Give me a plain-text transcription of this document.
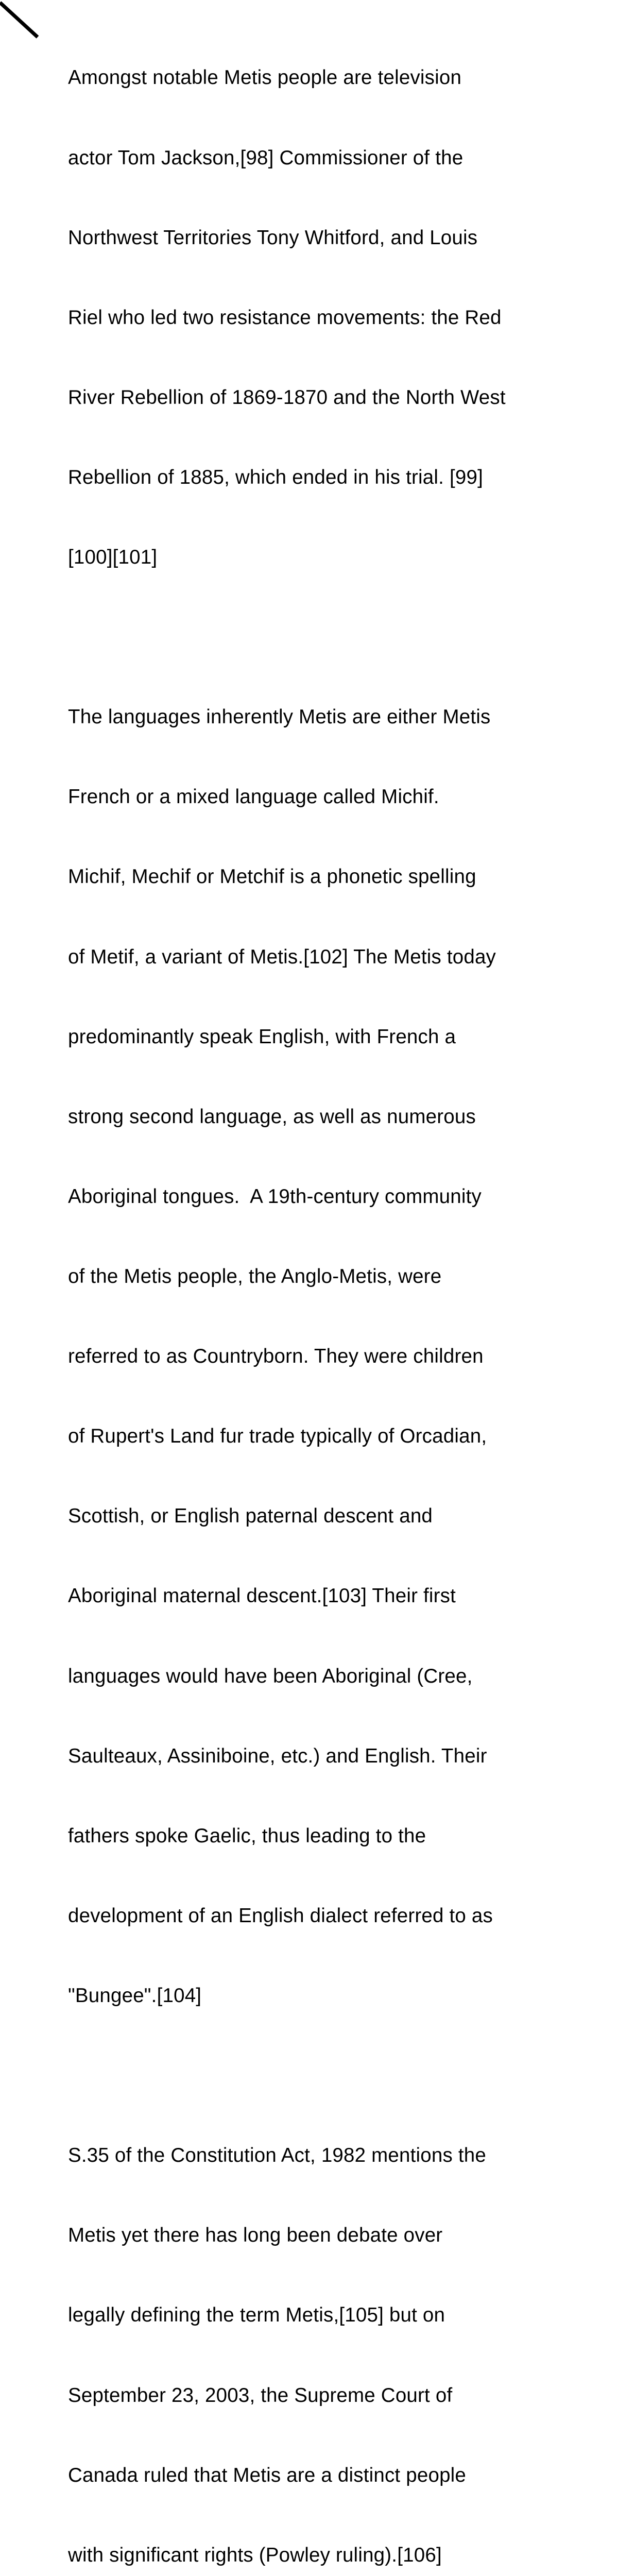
Amongst notable Metis people are television

actor Tom Jackson,[98] Commissioner of the

Northwest Territories Tony Whitford, and Louis

Riel who led two resistance movements: the Red

River Rebellion of 1869-1870 and the North West

Rebellion of 1885, which ended in his trial. [99]

[100][101]

The languages inherently Metis are either Metis

French or a mixed language called Michif.

Michif, Mechif or Metchif is a phonetic spelling

of Metif, a variant of Metis.[102] The Metis today

predominantly speak English, with French a

strong second language, as well as numerous

Aboriginal tongues.  A 19th-century community

of the Metis people, the Anglo-Metis, were

referred to as Countryborn. They were children

of Rupert's Land fur trade typically of Orcadian,

Scottish, or English paternal descent and

Aboriginal maternal descent.[103] Their first

languages would have been Aboriginal (Cree,

Saulteaux, Assiniboine, etc.) and English. Their

fathers spoke Gaelic, thus leading to the

development of an English dialect referred to as

"Bungee".[104]

S.35 of the Constitution Act, 1982 mentions the

Metis yet there has long been debate over

legally defining the term Metis,[105] but on

September 23, 2003, the Supreme Court of

Canada ruled that Metis are a distinct people

with significant rights (Powley ruling).[106]
